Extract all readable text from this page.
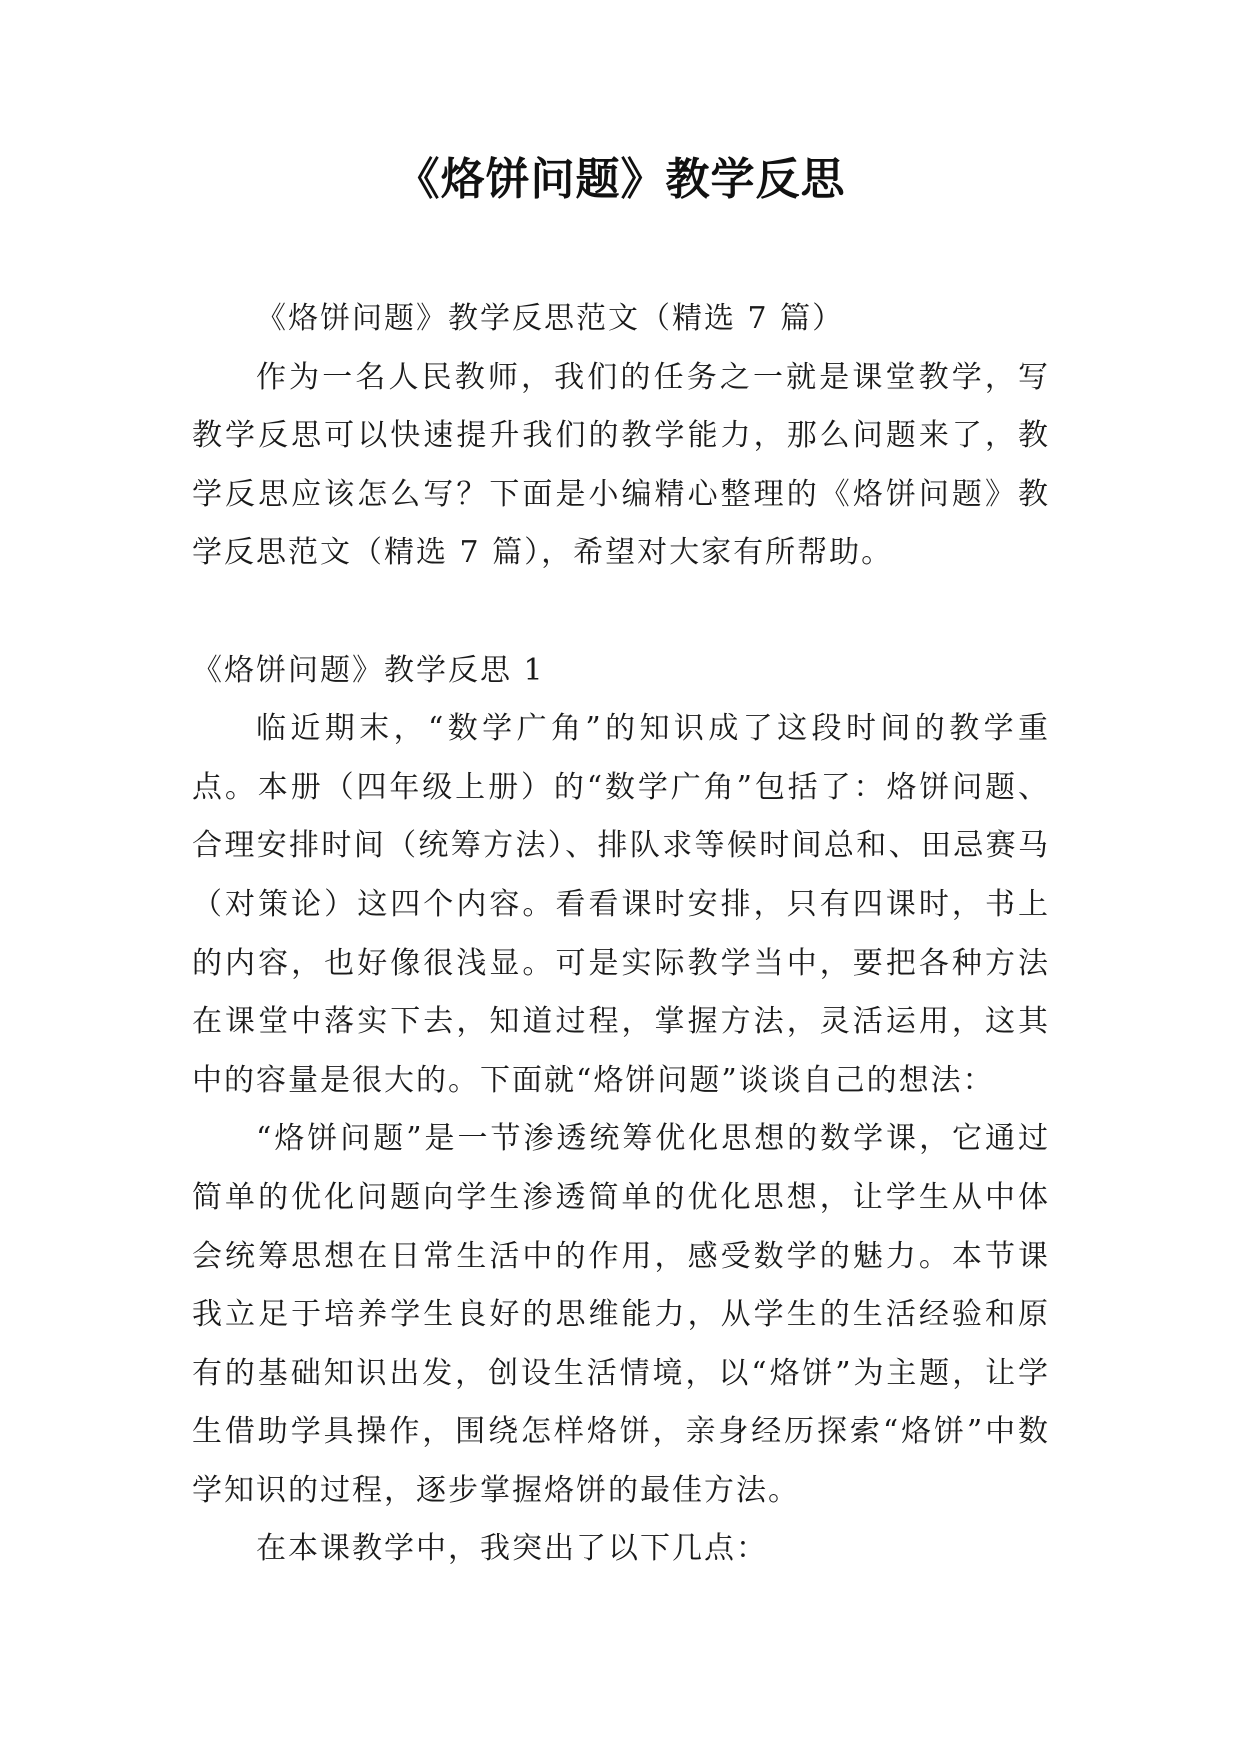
《烙饼问题》教学反思

《烙饼问题》教学反思范文（精选 7 篇）

作为一名人民教师，我们的任务之一就是课堂教学，写教学反思可以快速提升我们的教学能力，那么问题来了，教学反思应该怎么写？下面是小编精心整理的《烙饼问题》教学反思范文（精选 7 篇），希望对大家有所帮助。

《烙饼问题》教学反思 1

临近期末，“数学广角”的知识成了这段时间的教学重点。本册（四年级上册）的“数学广角”包括了：烙饼问题、合理安排时间（统筹方法）、排队求等候时间总和、田忌赛马（对策论）这四个内容。看看课时安排，只有四课时，书上的内容，也好像很浅显。可是实际教学当中，要把各种方法在课堂中落实下去，知道过程，掌握方法，灵活运用，这其中的容量是很大的。下面就“烙饼问题”谈谈自己的想法：

“烙饼问题”是一节渗透统筹优化思想的数学课，它通过简单的优化问题向学生渗透简单的优化思想，让学生从中体会统筹思想在日常生活中的作用，感受数学的魅力。本节课我立足于培养学生良好的思维能力，从学生的生活经验和原有的基础知识出发，创设生活情境，以“烙饼”为主题，让学生借助学具操作，围绕怎样烙饼，亲身经历探索“烙饼”中数学知识的过程，逐步掌握烙饼的最佳方法。

在本课教学中，我突出了以下几点：
